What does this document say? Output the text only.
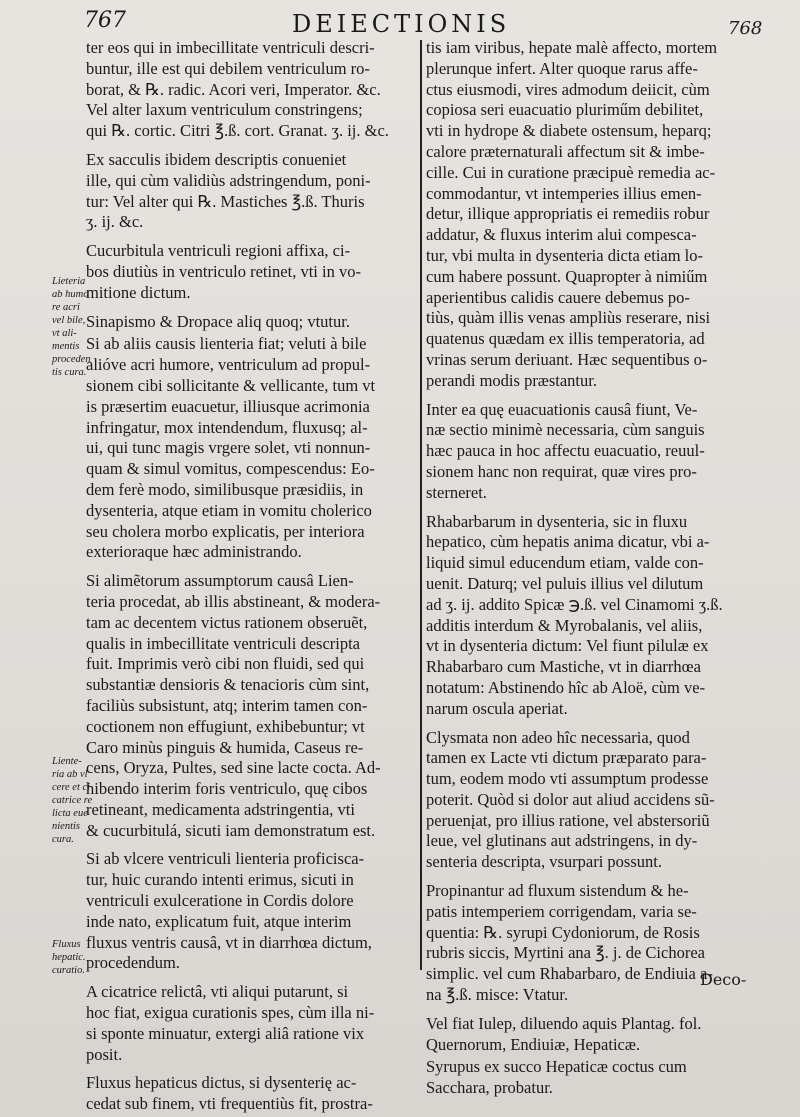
767	DEIECTIONIS	768
Lieteria
ab humo
re acri
vel bile,
vt ali-
mentis
proceden
tis cura.
Liente-
ria ab vl
cere et ci
catrice re
licta eue
nientis
cura.
Fluxus
hepatic.
curatio.
ter eos qui in imbecillitate ventriculi descri-
buntur, ille est qui debilem ventriculum ro-
borat, & ℞. radic. Acori veri, Imperator. &c.
Vel alter laxum ventriculum constringens;
qui ℞. cortic. Citri ℥.ß. cort. Granat. ʒ. ij. &c.
Ex sacculis ibidem descriptis conueniet
ille, qui cùm validiùs adstringendum, poni-
tur: Vel alter qui ℞. Mastiches ℥.ß. Thuris
ʒ. ij. &c.
Cucurbitula ventriculi regioni affixa, ci-
bos diutiùs in ventriculo retinet, vti in vo-
mitione dictum.
Sinapismo & Dropace aliq quoq; vtutur.
Si ab aliis causis lienteria fiat; veluti à bile
alióve acri humore, ventriculum ad propul-
sionem cibi sollicitante & vellicante, tum vt
is præsertim euacuetur, illiusque acrimonia
infringatur, mox intendendum, fluxusq; al-
ui, qui tunc magis vrgere solet, vti nonnun-
quam & simul vomitus, compescendus: Eo-
dem ferè modo, similibusque præsidiis, in
dysenteria, atque etiam in vomitu cholerico
seu cholera morbo explicatis, per interiora
exterioraque hæc administrando.
Si alimẽtorum assumptorum causâ Lien-
teria procedat, ab illis abstineant, & modera-
tam ac decentem victus rationem obseruẽt,
qualis in imbecillitate ventriculi descripta
fuit. Imprimis verò cibi non fluidi, sed qui
substantiæ densioris & tenacioris cùm sint,
faciliùs subsistunt, atq; interim tamen con-
coctionem non effugiunt, exhibebuntur; vt
Caro minùs pinguis & humida, Caseus re-
cens, Oryza, Pultes, sed sine lacte cocta. Ad-
hibendo interim foris ventriculo, quę cibos
retineant, medicamenta adstringentia, vti
& cucurbitulá, sicuti iam demonstratum est.
Si ab vlcere ventriculi lienteria proficisca-
tur, huic curando intenti erimus, sicuti in
ventriculi exulceratione in Cordis dolore
inde nato, explicatum fuit, atque interim
fluxus ventris causâ, vt in diarrhœa dictum,
procedendum.
A cicatrice relictâ, vti aliqui putarunt, si
hoc fiat, exigua curationis spes, cùm illa ni-
si sponte minuatur, extergi aliâ ratione vix
posit.
Fluxus hepaticus dictus, si dysenterię ac-
cedat sub finem, vti frequentiùs fit, prostra-
tis iam viribus, hepate malè affecto, mortem
plerunque infert. Alter quoque rarus affe-
ctus eiusmodi, vires admodum deiicit, cùm
copiosa seri euacuatio pluriműm debilitet,
vti in hydrope & diabete ostensum, heparq;
calore præternaturali affectum sit & imbe-
cille. Cui in curatione præcipuè remedia ac-
commodantur, vt intemperies illius emen-
detur, illique appropriatis ei remediis robur
addatur, & fluxus interim alui compesca-
tur, vbi multa in dysenteria dicta etiam lo-
cum habere possunt. Quapropter à nimiűm
aperientibus calidis cauere debemus po-
tiùs, quàm illis venas ampliùs reserare, nisi
quatenus quædam ex illis temperatoria, ad
vrinas serum deriuant. Hæc sequentibus o-
perandi modis præstantur.
Inter ea quę euacuationis causâ fiunt, Ve-
næ sectio minimè necessaria, cùm sanguis
hæc pauca in hoc affectu euacuatio, reuul-
sionem hanc non requirat, quæ vires pro-
sterneret.
Rhabarbarum in dysenteria, sic in fluxu
hepatico, cùm hepatis anima dicatur, vbi a-
liquid simul educendum etiam, valde con-
uenit. Daturq; vel puluis illius vel dilutum
ad ʒ. ij. addito Spicæ ℈.ß. vel Cinamomi ʒ.ß.
additis interdum & Myrobalanis, vel aliis,
vt in dysenteria dictum: Vel fiunt pilulæ ex
Rhabarbaro cum Mastiche, vt in diarrhœa
notatum: Abstinendo hîc ab Aloë, cùm ve-
narum osculа aperiat.
Clysmata non adeo hîc necessaria, quod
tamen ex Lacte vti dictum præparato para-
tum, eodem modo vti assumptum prodesse
poterit. Quòd si dolor aut aliud accidens sũ-
peruenįat, pro illius ratione, vel abstersoriũ
leue, vel glutinans aut adstringens, in dy-
senteria descripta, vsurpari possunt.
Propinantur ad fluxum sistendum & he-
patis intemperiem corrigendam, varia se-
quentia: ℞. syrupi Cydoniorum, de Rosis
rubris siccis, Myrtini ana ℥. j. de Cichorea
simplic. vel cum Rhabarbaro, de Endiuia a-
na ℥.ß. misce: Vtatur.
Vel fiat Iulep, diluendo aquis Plantag. fol.
Quernorum, Endiuiæ, Hepaticæ.
Syrupus ex succo Hepaticæ coctus cum
Sacchara, probatur.
Deco-
